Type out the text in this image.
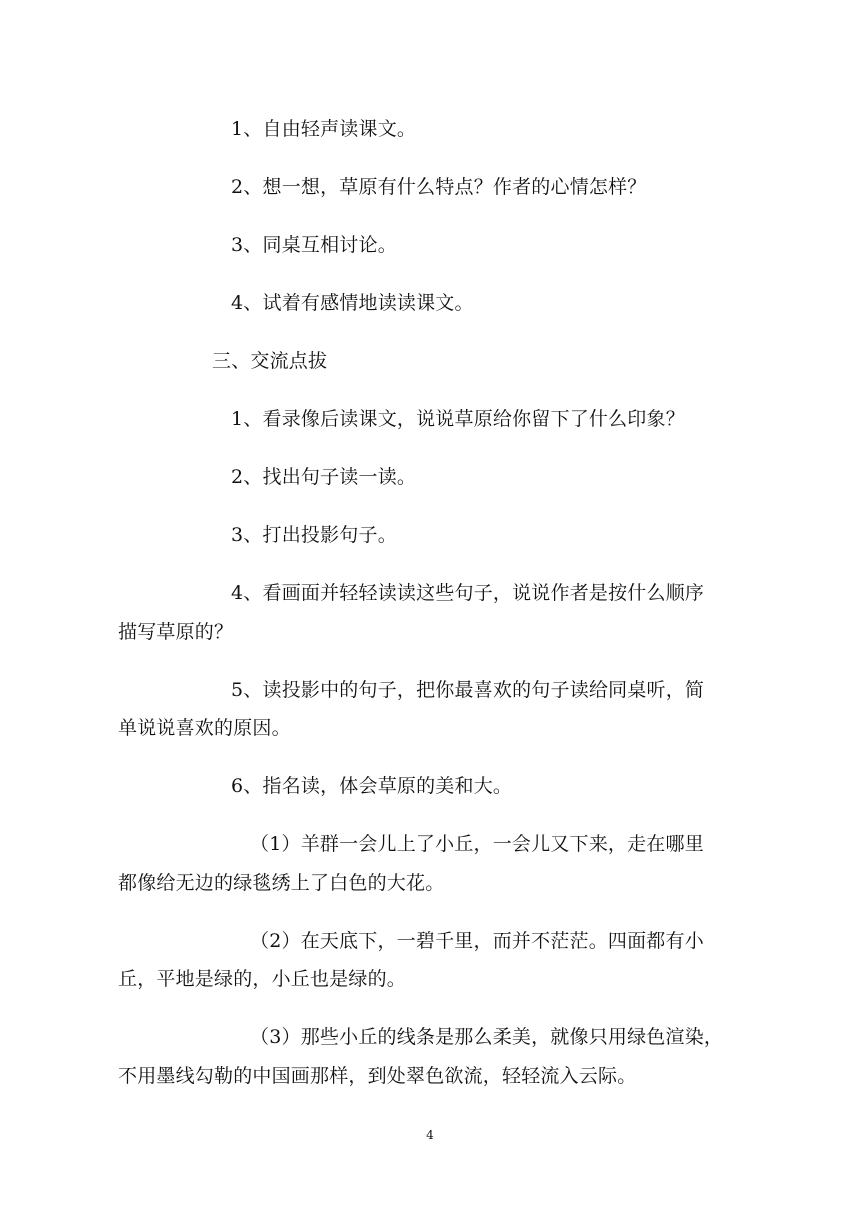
1、自由轻声读课文。

2、想一想，草原有什么特点？作者的心情怎样？

3、同桌互相讨论。

4、试着有感情地读读课文。

三、交流点拔

1、看录像后读课文，说说草原给你留下了什么印象？

2、找出句子读一读。

3、打出投影句子。

4、看画面并轻轻读读这些句子，说说作者是按什么顺序

描写草原的？

5、读投影中的句子，把你最喜欢的句子读给同桌听，简

单说说喜欢的原因。

6、指名读，体会草原的美和大。

（1）羊群一会儿上了小丘，一会儿又下来，走在哪里

都像给无边的绿毯绣上了白色的大花。

（2）在天底下，一碧千里，而并不茫茫。四面都有小

丘，平地是绿的，小丘也是绿的。

（3）那些小丘的线条是那么柔美，就像只用绿色渲染，

不用墨线勾勒的中国画那样，到处翠色欲流，轻轻流入云际。

4
